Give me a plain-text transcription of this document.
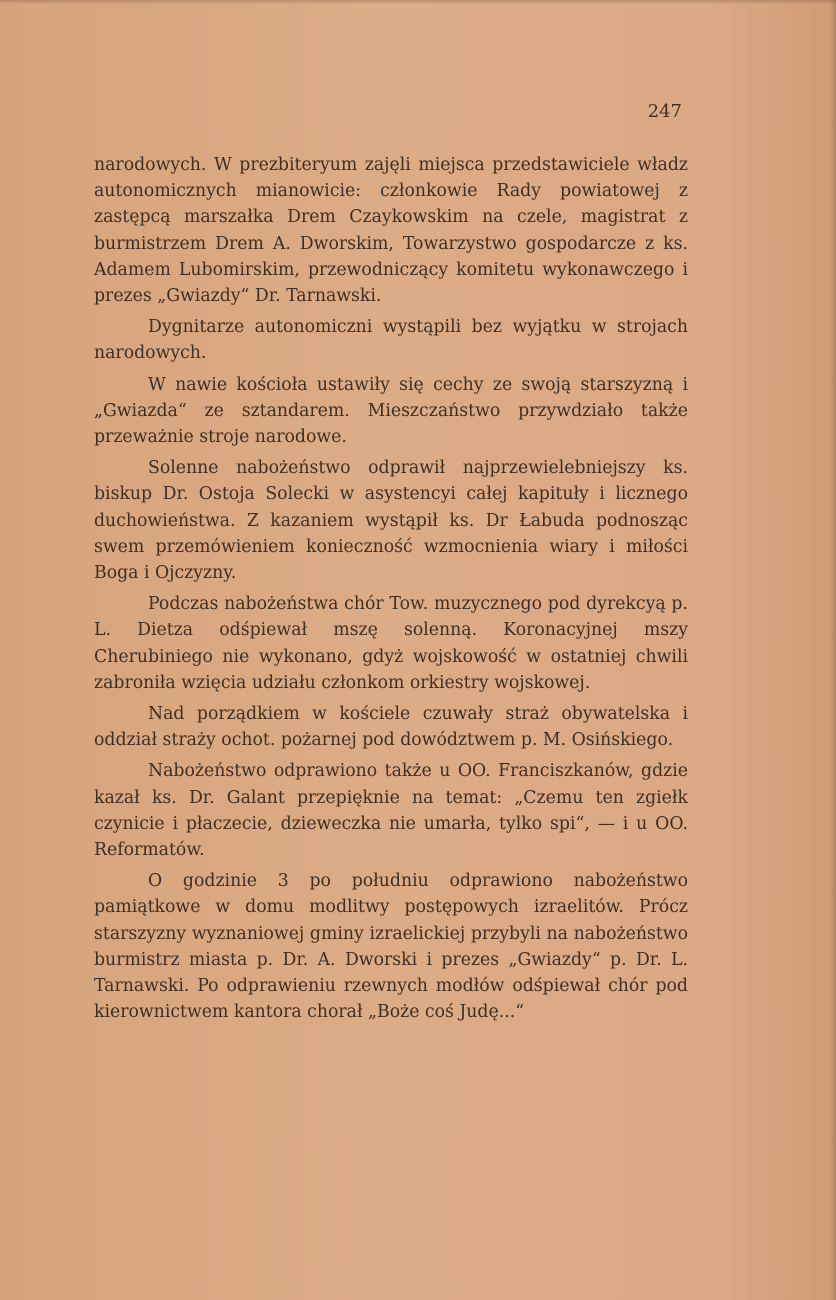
247

narodowych. W prezbiteryum zajęli miejsca przedstawiciele władz autonomicznych mianowicie: członkowie Rady powiatowej z zastępcą marszałka Drem Czaykowskim na czele, magistrat z burmistrzem Drem A. Dworskim, Towarzystwo gospodarcze z ks. Adamem Lubomirskim, przewodniczący komitetu wykonawczego i prezes „Gwiazdy“ Dr. Tarnawski.

Dygnitarze autonomiczni wystąpili bez wyjątku w strojach narodowych.

W nawie kościoła ustawiły się cechy ze swoją starszyzną i „Gwiazda“ ze sztandarem. Mieszczaństwo przywdziało także przeważnie stroje narodowe.

Solenne nabożeństwo odprawił najprzewielebniejszy ks. biskup Dr. Ostoja Solecki w asystencyi całej kapituły i licznego duchowieństwa. Z kazaniem wystąpił ks. Dr Łabuda podnosząc swem przemówieniem konieczność wzmocnienia wiary i miłości Boga i Ojczyzny.

Podczas nabożeństwa chór Tow. muzycznego pod dyrekcyą p. L. Dietza odśpiewał mszę solenną. Koronacyjnej mszy Cherubiniego nie wykonano, gdyż wojskowość w ostatniej chwili zabroniła wzięcia udziału członkom orkiestry wojskowej.

Nad porządkiem w kościele czuwały straż obywatelska i oddział straży ochot. pożarnej pod dowództwem p. M. Osińskiego.

Nabożeństwo odprawiono także u OO. Franciszkanów, gdzie kazał ks. Dr. Galant przepięknie na temat: „Czemu ten zgiełk czynicie i płaczecie, dzieweczka nie umarła, tylko spi“, — i u OO. Reformatów.

O godzinie 3 po południu odprawiono nabożeństwo pamiątkowe w domu modlitwy postępowych izraelitów. Prócz starszyzny wyznaniowej gminy izraelickiej przybyli na nabożeństwo burmistrz miasta p. Dr. A. Dworski i prezes „Gwiazdy“ p. Dr. L. Tarnawski. Po odprawieniu rzewnych modłów odśpiewał chór pod kierownictwem kantora chorał „Boże coś Judę...“
